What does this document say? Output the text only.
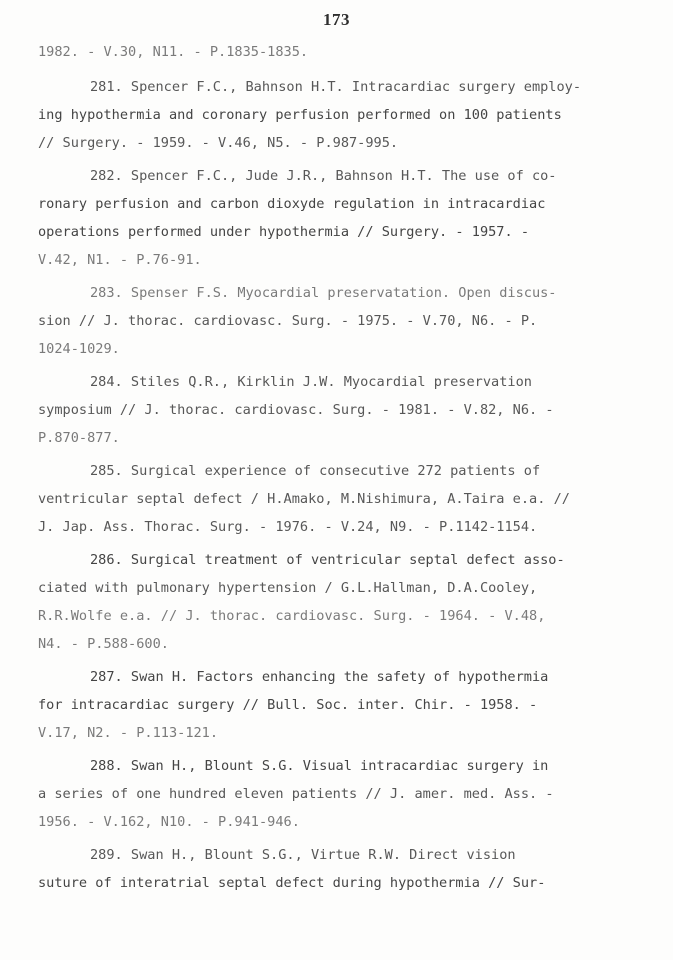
173
1982. - V.30, N11. - P.1835-1835.
281. Spencer F.C., Bahnson H.T. Intracardiac surgery employ-
ing hypothermia and coronary perfusion performed on 100 patients
// Surgery. - 1959. - V.46, N5. - P.987-995.
282. Spencer F.C., Jude J.R., Bahnson H.T. The use of co-
ronary perfusion and carbon dioxyde regulation in intracardiac
operations performed under hypothermia // Surgery. - 1957. -
V.42, N1. - P.76-91.
283. Spenser F.S. Myocardial preservatation. Open discus-
sion // J. thorac. cardiovasc. Surg. - 1975. - V.70, N6. - P.
1024-1029.
284. Stiles Q.R., Kirklin J.W. Myocardial preservation
symposium // J. thorac. cardiovasc. Surg. - 1981. - V.82, N6. -
P.870-877.
285. Surgical experience of consecutive 272 patients of
ventricular septal defect / H.Amako, M.Nishimura, A.Taira e.a. //
J. Jap. Ass. Thorac. Surg. - 1976. - V.24, N9. - P.1142-1154.
286. Surgical treatment of ventricular septal defect asso-
ciated with pulmonary hypertension / G.L.Hallman, D.A.Cooley,
R.R.Wolfe e.a. // J. thorac. cardiovasc. Surg. - 1964. - V.48,
N4. - P.588-600.
287. Swan H. Factors enhancing the safety of hypothermia
for intracardiac surgery // Bull. Soc. inter. Chir. - 1958. -
V.17, N2. - P.113-121.
288. Swan H., Blount S.G. Visual intracardiac surgery in
a series of one hundred eleven patients // J. amer. med. Ass. -
1956. - V.162, N10. - P.941-946.
289. Swan H., Blount S.G., Virtue R.W. Direct vision
suture of interatrial septal defect during hypothermia // Sur-
